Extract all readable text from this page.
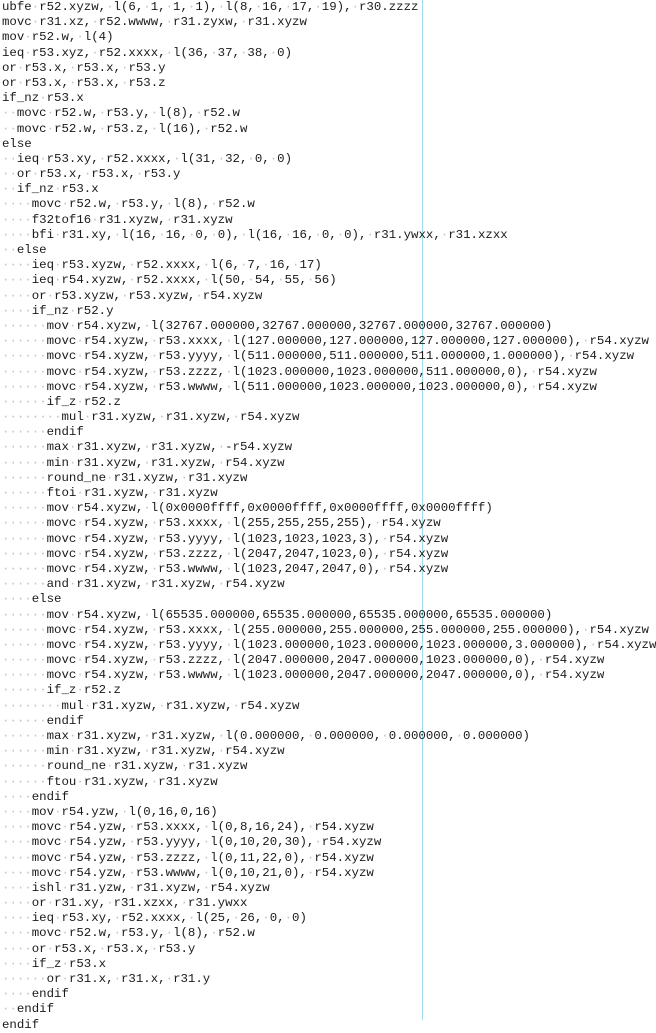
ubfe·r52.xyzw,·l(6,·1,·1,·1),·l(8,·16,·17,·19),·r30.zzzz
movc·r31.xz,·r52.wwww,·r31.zyxw,·r31.xyzw
mov·r52.w,·l(4)
ieq·r53.xyz,·r52.xxxx,·l(36,·37,·38,·0)
or·r53.x,·r53.x,·r53.y
or·r53.x,·r53.x,·r53.z
if_nz·r53.x
··movc·r52.w,·r53.y,·l(8),·r52.w
··movc·r52.w,·r53.z,·l(16),·r52.w
else
··ieq·r53.xy,·r52.xxxx,·l(31,·32,·0,·0)
··or·r53.x,·r53.x,·r53.y
··if_nz·r53.x
····movc·r52.w,·r53.y,·l(8),·r52.w
····f32tof16·r31.xyzw,·r31.xyzw
····bfi·r31.xy,·l(16,·16,·0,·0),·l(16,·16,·0,·0),·r31.ywxx,·r31.xzxx
··else
····ieq·r53.xyzw,·r52.xxxx,·l(6,·7,·16,·17)
····ieq·r54.xyzw,·r52.xxxx,·l(50,·54,·55,·56)
····or·r53.xyzw,·r53.xyzw,·r54.xyzw
····if_nz·r52.y
······mov·r54.xyzw,·l(32767.000000,32767.000000,32767.000000,32767.000000)
······movc·r54.xyzw,·r53.xxxx,·l(127.000000,127.000000,127.000000,127.000000),·r54.xyzw
······movc·r54.xyzw,·r53.yyyy,·l(511.000000,511.000000,511.000000,1.000000),·r54.xyzw
······movc·r54.xyzw,·r53.zzzz,·l(1023.000000,1023.000000,511.000000,0),·r54.xyzw
······movc·r54.xyzw,·r53.wwww,·l(511.000000,1023.000000,1023.000000,0),·r54.xyzw
······if_z·r52.z
········mul·r31.xyzw,·r31.xyzw,·r54.xyzw
······endif
······max·r31.xyzw,·r31.xyzw,·-r54.xyzw
······min·r31.xyzw,·r31.xyzw,·r54.xyzw
······round_ne·r31.xyzw,·r31.xyzw
······ftoi·r31.xyzw,·r31.xyzw
······mov·r54.xyzw,·l(0x0000ffff,0x0000ffff,0x0000ffff,0x0000ffff)
······movc·r54.xyzw,·r53.xxxx,·l(255,255,255,255),·r54.xyzw
······movc·r54.xyzw,·r53.yyyy,·l(1023,1023,1023,3),·r54.xyzw
······movc·r54.xyzw,·r53.zzzz,·l(2047,2047,1023,0),·r54.xyzw
······movc·r54.xyzw,·r53.wwww,·l(1023,2047,2047,0),·r54.xyzw
······and·r31.xyzw,·r31.xyzw,·r54.xyzw
····else
······mov·r54.xyzw,·l(65535.000000,65535.000000,65535.000000,65535.000000)
······movc·r54.xyzw,·r53.xxxx,·l(255.000000,255.000000,255.000000,255.000000),·r54.xyzw
······movc·r54.xyzw,·r53.yyyy,·l(1023.000000,1023.000000,1023.000000,3.000000),·r54.xyzw
······movc·r54.xyzw,·r53.zzzz,·l(2047.000000,2047.000000,1023.000000,0),·r54.xyzw
······movc·r54.xyzw,·r53.wwww,·l(1023.000000,2047.000000,2047.000000,0),·r54.xyzw
······if_z·r52.z
········mul·r31.xyzw,·r31.xyzw,·r54.xyzw
······endif
······max·r31.xyzw,·r31.xyzw,·l(0.000000,·0.000000,·0.000000,·0.000000)
······min·r31.xyzw,·r31.xyzw,·r54.xyzw
······round_ne·r31.xyzw,·r31.xyzw
······ftou·r31.xyzw,·r31.xyzw
····endif
····mov·r54.yzw,·l(0,16,0,16)
····movc·r54.yzw,·r53.xxxx,·l(0,8,16,24),·r54.xyzw
····movc·r54.yzw,·r53.yyyy,·l(0,10,20,30),·r54.xyzw
····movc·r54.yzw,·r53.zzzz,·l(0,11,22,0),·r54.xyzw
····movc·r54.yzw,·r53.wwww,·l(0,10,21,0),·r54.xyzw
····ishl·r31.yzw,·r31.xyzw,·r54.xyzw
····or·r31.xy,·r31.xzxx,·r31.ywxx
····ieq·r53.xy,·r52.xxxx,·l(25,·26,·0,·0)
····movc·r52.w,·r53.y,·l(8),·r52.w
····or·r53.x,·r53.x,·r53.y
····if_z·r53.x
······or·r31.x,·r31.x,·r31.y
····endif
··endif
endif
